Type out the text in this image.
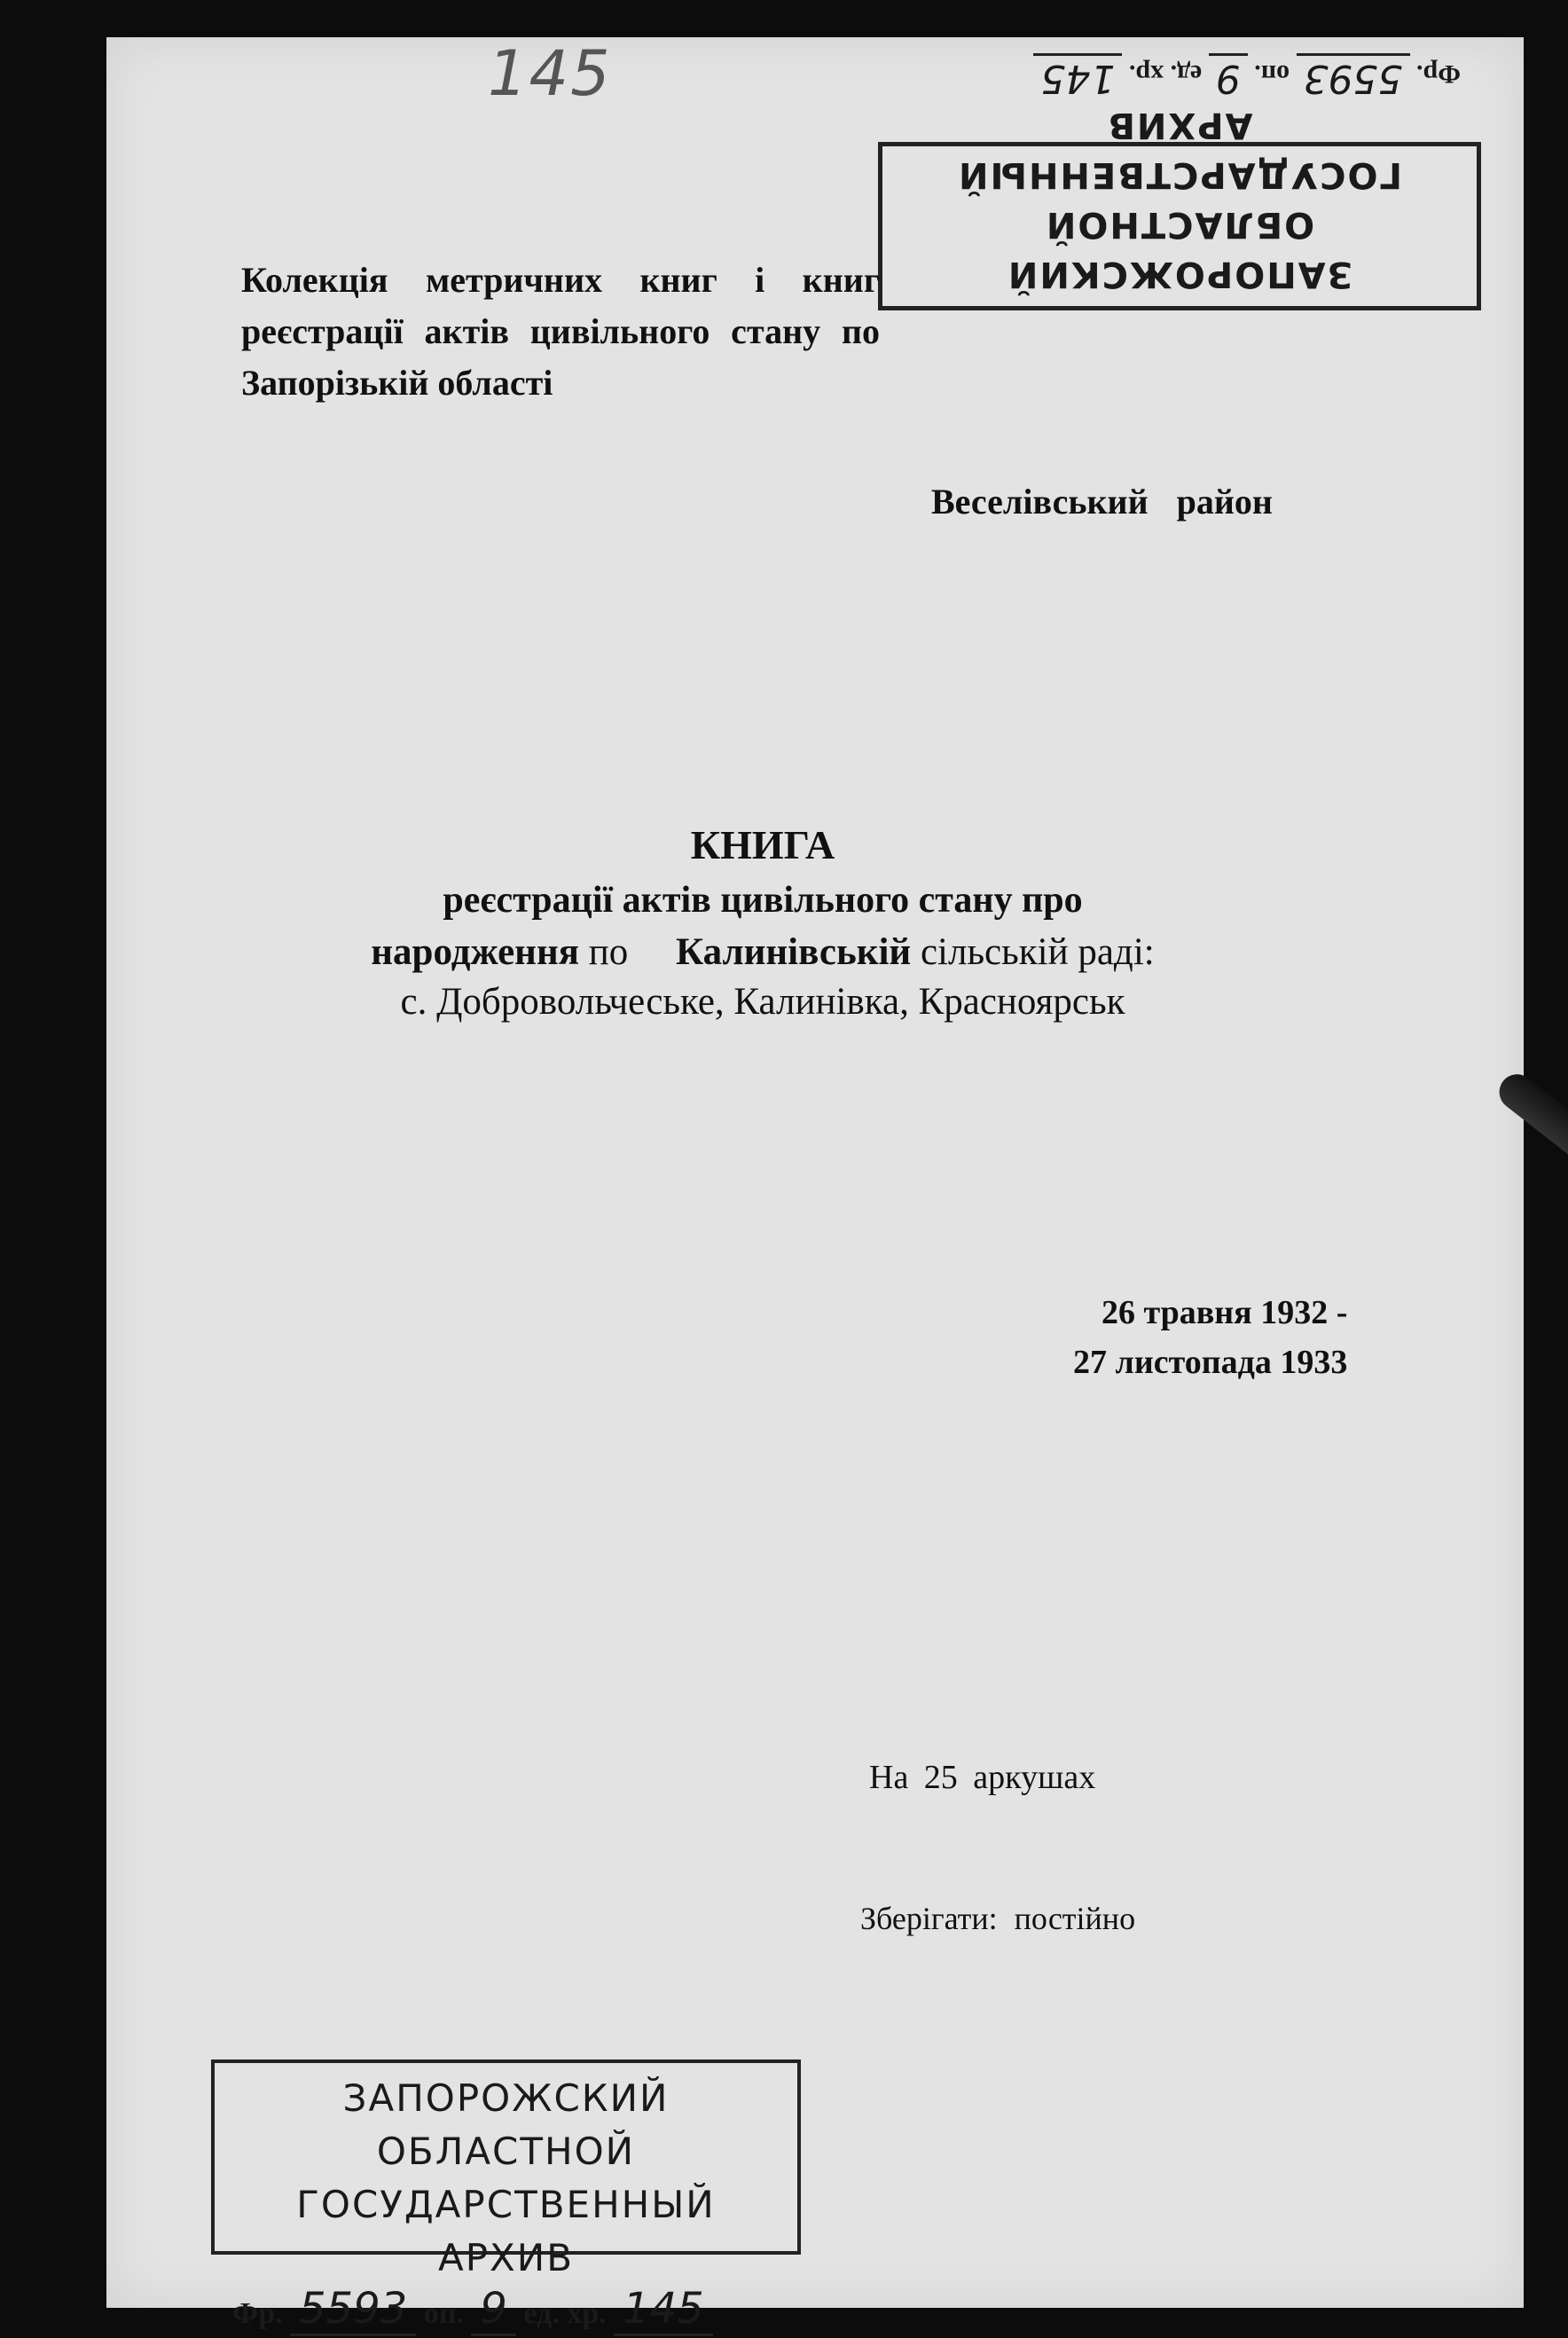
145
ЗАПОРОЖСКИЙ ОБЛАСТНОЙ
ГОСУДАРСТВЕННЫЙ АРХИВ
Фр. 5593 оп. 9 ед. хр. 145
Колекція метричних книг і книг реєстрації актів цивільного стану по Запорізькій області
Веселівський район
КНИГА
реєстрації актів цивільного стану про
народження по     Калинівській сільській раді:
с. Добровольчеське, Калинівка, Красноярськ
26 травня 1932 -
27 листопада 1933
На 25 аркушах
Зберігати: постійно
ЗАПОРОЖСКИЙ ОБЛАСТНОЙ
ГОСУДАРСТВЕННЫЙ АРХИВ
Фр. 5593 оп. 9 ед. хр. 145
